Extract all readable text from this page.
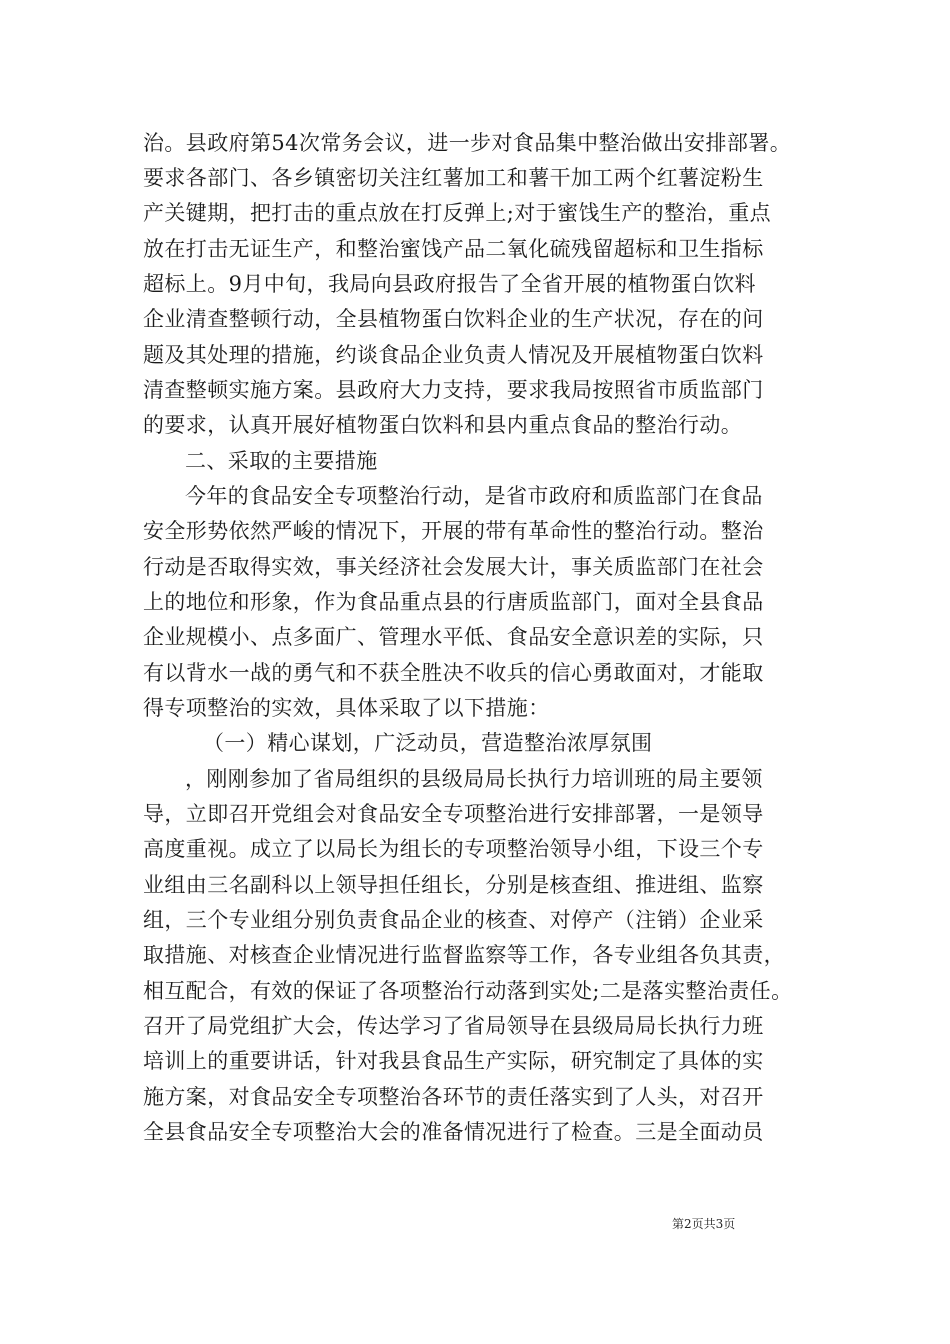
治。县政府第54次常务会议，进一步对食品集中整治做出安排部署。
要求各部门、各乡镇密切关注红薯加工和薯干加工两个红薯淀粉生
产关键期，把打击的重点放在打反弹上;对于蜜饯生产的整治，重点
放在打击无证生产，和整治蜜饯产品二氧化硫残留超标和卫生指标
超标上。9月中旬，我局向县政府报告了全省开展的植物蛋白饮料
企业清查整顿行动，全县植物蛋白饮料企业的生产状况，存在的问
题及其处理的措施，约谈食品企业负责人情况及开展植物蛋白饮料
清查整顿实施方案。县政府大力支持，要求我局按照省市质监部门
的要求，认真开展好植物蛋白饮料和县内重点食品的整治行动。
二、采取的主要措施
今年的食品安全专项整治行动，是省市政府和质监部门在食品
安全形势依然严峻的情况下，开展的带有革命性的整治行动。整治
行动是否取得实效，事关经济社会发展大计，事关质监部门在社会
上的地位和形象，作为食品重点县的行唐质监部门，面对全县食品
企业规模小、点多面广、管理水平低、食品安全意识差的实际，只
有以背水一战的勇气和不获全胜决不收兵的信心勇敢面对，才能取
得专项整治的实效，具体采取了以下措施：
（一）精心谋划，广泛动员，营造整治浓厚氛围
，刚刚参加了省局组织的县级局局长执行力培训班的局主要领
导，立即召开党组会对食品安全专项整治进行安排部署，一是领导
高度重视。成立了以局长为组长的专项整治领导小组，下设三个专
业组由三名副科以上领导担任组长，分别是核查组、推进组、监察
组，三个专业组分别负责食品企业的核查、对停产（注销）企业采
取措施、对核查企业情况进行监督监察等工作，各专业组各负其责，
相互配合，有效的保证了各项整治行动落到实处;二是落实整治责任。
召开了局党组扩大会，传达学习了省局领导在县级局局长执行力班
培训上的重要讲话，针对我县食品生产实际，研究制定了具体的实
施方案，对食品安全专项整治各环节的责任落实到了人头，对召开
全县食品安全专项整治大会的准备情况进行了检查。三是全面动员
第2页共3页
